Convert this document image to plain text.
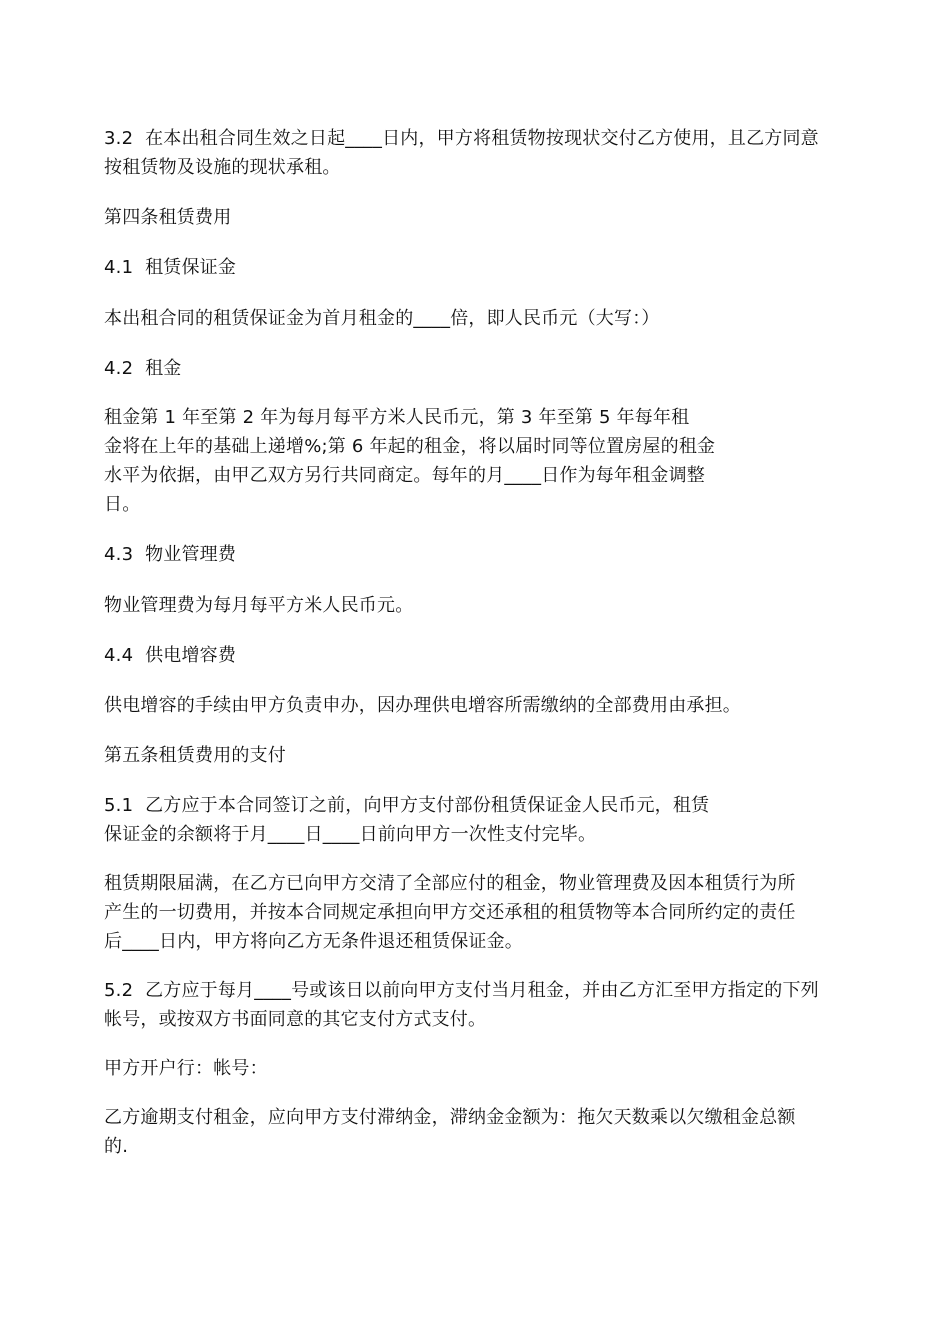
3.2  在本出租合同生效之日起____日内，甲方将租赁物按现状交付乙方使用，且乙方同意
按租赁物及设施的现状承租。

第四条租赁费用

4.1  租赁保证金

本出租合同的租赁保证金为首月租金的____倍，即人民币元（大写：）

4.2  租金

租金第 1 年至第 2 年为每月每平方米人民币元，第 3 年至第 5 年每年租
金将在上年的基础上递增%;第 6 年起的租金，将以届时同等位置房屋的租金
水平为依据，由甲乙双方另行共同商定。每年的月____日作为每年租金调整
日。

4.3  物业管理费

物业管理费为每月每平方米人民币元。

4.4  供电增容费

供电增容的手续由甲方负责申办，因办理供电增容所需缴纳的全部费用由承担。

第五条租赁费用的支付

5.1  乙方应于本合同签订之前，向甲方支付部份租赁保证金人民币元，租赁
保证金的余额将于月____日____日前向甲方一次性支付完毕。

租赁期限届满，在乙方已向甲方交清了全部应付的租金，物业管理费及因本租赁行为所
产生的一切费用，并按本合同规定承担向甲方交还承租的租赁物等本合同所约定的责任
后____日内，甲方将向乙方无条件退还租赁保证金。

5.2  乙方应于每月____号或该日以前向甲方支付当月租金，并由乙方汇至甲方指定的下列
帐号，或按双方书面同意的其它支付方式支付。

甲方开户行：帐号：

乙方逾期支付租金，应向甲方支付滞纳金，滞纳金金额为：拖欠天数乘以欠缴租金总额
的.
